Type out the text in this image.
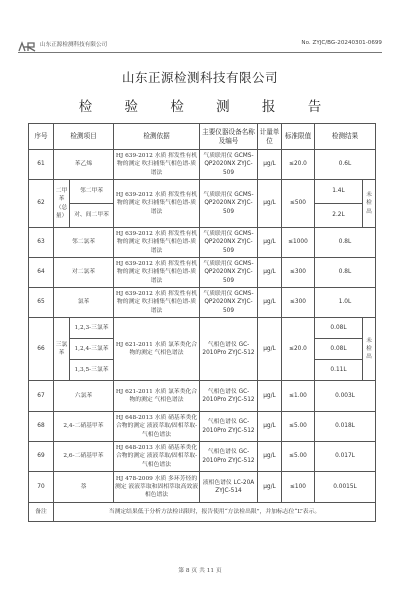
山东正源检测科技有限公司	No. ZYJC/BG-20240301-0699
山东正源检测科技有限公司
检 验 检 测 报 告
序号	检测项目		检测依据	主要仪器设备名称及编号	计量单位	标准限值	检测结果	
61	苯乙烯		HJ 639-2012 水质 挥发性有机物的测定 吹扫捕集气相色谱-质谱法	气质联用仪 GCMS-QP2020NX ZYJC-509	μg/L	≤20.0	0.6L	
62	二甲苯（总量）	邻二甲苯	HJ 639-2012 水质 挥发性有机物的测定 吹扫捕集气相色谱-质谱法	气质联用仪 GCMS-QP2020NX ZYJC-509	μg/L	≤500	1.4L	未检出
		对、间二甲苯					2.2L	
63	邻二氯苯		HJ 639-2012 水质 挥发性有机物的测定 吹扫捕集气相色谱-质谱法	气质联用仪 GCMS-QP2020NX ZYJC-509	μg/L	≤1000	0.8L	
64	对二氯苯		HJ 639-2012 水质 挥发性有机物的测定 吹扫捕集气相色谱-质谱法	气质联用仪 GCMS-QP2020NX ZYJC-509	μg/L	≤300	0.8L	
65	氯苯		HJ 639-2012 水质 挥发性有机物的测定 吹扫捕集气相色谱-质谱法	气质联用仪 GCMS-QP2020NX ZYJC-509	μg/L	≤300	1.0L	
66	三氯苯	1,2,3-三氯苯	HJ 621-2011 水质 氯苯类化合物的测定 气相色谱法	气相色谱仪 GC-2010Pro ZYJC-512	μg/L	≤20.0	0.08L	未检出
		1,2,4-三氯苯					0.08L	
		1,3,5-三氯苯					0.11L	
67	六氯苯		HJ 621-2011 水质 氯苯类化合物的测定 气相色谱法	气相色谱仪 GC-2010Pro ZYJC-512	μg/L	≤1.00	0.003L	
68	2,4-二硝基甲苯		HJ 648-2013 水质 硝基苯类化合物的测定 液液萃取/固相萃取-气相色谱法	气相色谱仪 GC-2010Pro ZYJC-512	μg/L	≤5.00	0.018L	
69	2,6-二硝基甲苯		HJ 648-2013 水质 硝基苯类化合物的测定 液液萃取/固相萃取-气相色谱法	气相色谱仪 GC-2010Pro ZYJC-512	μg/L	≤5.00	0.017L	
70	萘		HJ 478-2009 水质 多环芳烃的测定 液液萃取和固相萃取高效液相色谱法	液相色谱仪 LC-20A ZYJC-514	μg/L	≤100	0.0015L	
备注	当测定结果低于分析方法检出限时，报告使用“方法检出限”，并加标志位“L”表示。							
第 8 页 共 11 页
